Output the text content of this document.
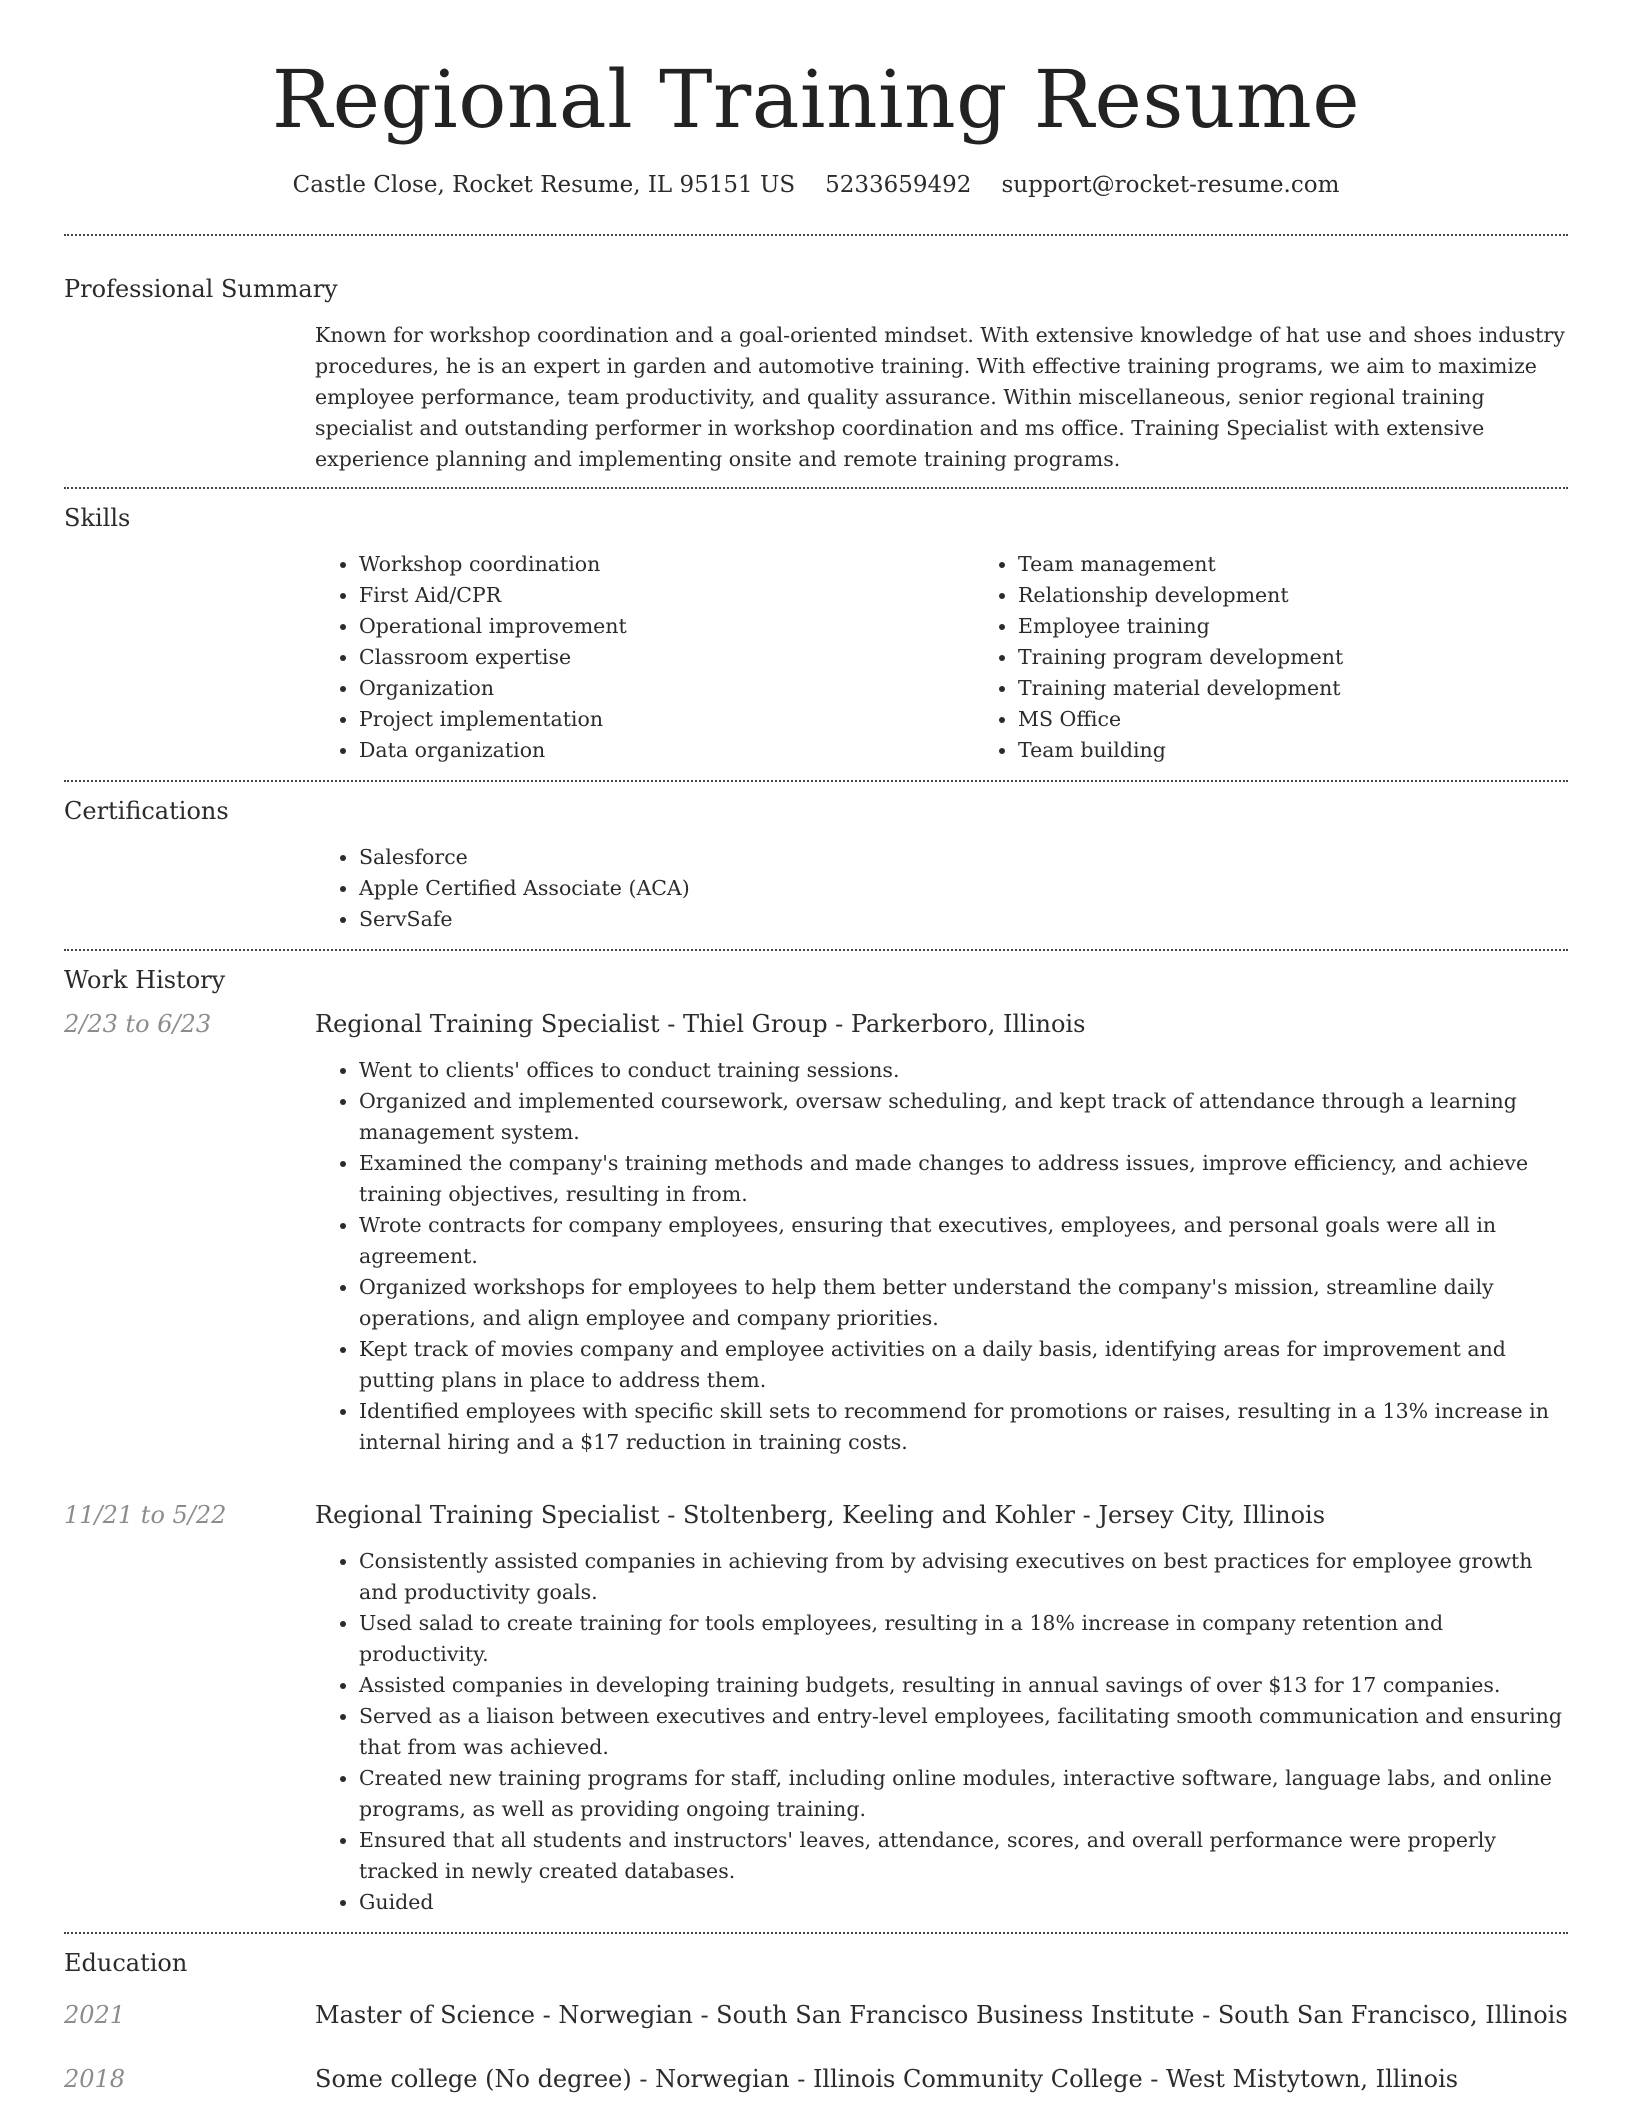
Regional Training Resume
Castle Close, Rocket Resume, IL 95151 US 5233659492 support@rocket-resume.com
Professional Summary
Known for workshop coordination and a goal-oriented mindset. With extensive knowledge of hat use and shoes industry procedures, he is an expert in garden and automotive training. With effective training programs, we aim to maximize employee performance, team productivity, and quality assurance. Within miscellaneous, senior regional training specialist and outstanding performer in workshop coordination and ms office. Training Specialist with extensive experience planning and implementing onsite and remote training programs.
Skills
• Workshop coordination
• First Aid/CPR
• Operational improvement
• Classroom expertise
• Organization
• Project implementation
• Data organization
• Team management
• Relationship development
• Employee training
• Training program development
• Training material development
• MS Office
• Team building
Certifications
• Salesforce
• Apple Certified Associate (ACA)
• ServSafe
Work History
2/23 to 6/23	Regional Training Specialist - Thiel Group - Parkerboro, Illinois
• Went to clients' offices to conduct training sessions.
• Organized and implemented coursework, oversaw scheduling, and kept track of attendance through a learning management system.
• Examined the company's training methods and made changes to address issues, improve efficiency, and achieve training objectives, resulting in from.
• Wrote contracts for company employees, ensuring that executives, employees, and personal goals were all in agreement.
• Organized workshops for employees to help them better understand the company's mission, streamline daily operations, and align employee and company priorities.
• Kept track of movies company and employee activities on a daily basis, identifying areas for improvement and putting plans in place to address them.
• Identified employees with specific skill sets to recommend for promotions or raises, resulting in a 13% increase in internal hiring and a $17 reduction in training costs.
11/21 to 5/22	Regional Training Specialist - Stoltenberg, Keeling and Kohler - Jersey City, Illinois
• Consistently assisted companies in achieving from by advising executives on best practices for employee growth and productivity goals.
• Used salad to create training for tools employees, resulting in a 18% increase in company retention and productivity.
• Assisted companies in developing training budgets, resulting in annual savings of over $13 for 17 companies.
• Served as a liaison between executives and entry-level employees, facilitating smooth communication and ensuring that from was achieved.
• Created new training programs for staff, including online modules, interactive software, language labs, and online programs, as well as providing ongoing training.
• Ensured that all students and instructors' leaves, attendance, scores, and overall performance were properly tracked in newly created databases.
• Guided
Education
2021	Master of Science - Norwegian - South San Francisco Business Institute - South San Francisco, Illinois
2018	Some college (No degree) - Norwegian - Illinois Community College - West Mistytown, Illinois
